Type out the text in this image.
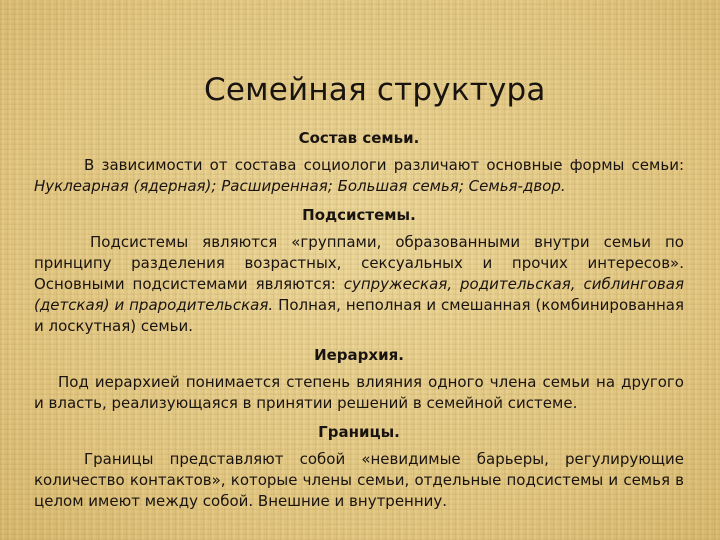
Семейная структура
Состав семьи.

В зависимости от состава социологи различают основные формы семьи: Нуклеарная (ядерная); Расширенная; Большая семья; Семья-двор.

Подсистемы.

Подсистемы являются «группами, образованными внутри семьи по принципу разделения возрастных, сексуальных и прочих интересов». Основными подсистемами являются: супружеская, родительская, сиблинговая (детская) и прародительская. Полная, неполная и смешанная (комбинированная и лоскутная) семьи.

Иерархия.

Под иерархией понимается степень влияния одного члена семьи на другого и власть, реализующаяся в принятии решений в семейной системе.

Границы.

Границы представляют собой «невидимые барьеры, регулирующие количество контактов», которые члены семьи, отдельные подсистемы и семья в целом имеют между собой. Внешние и внутренниу.
